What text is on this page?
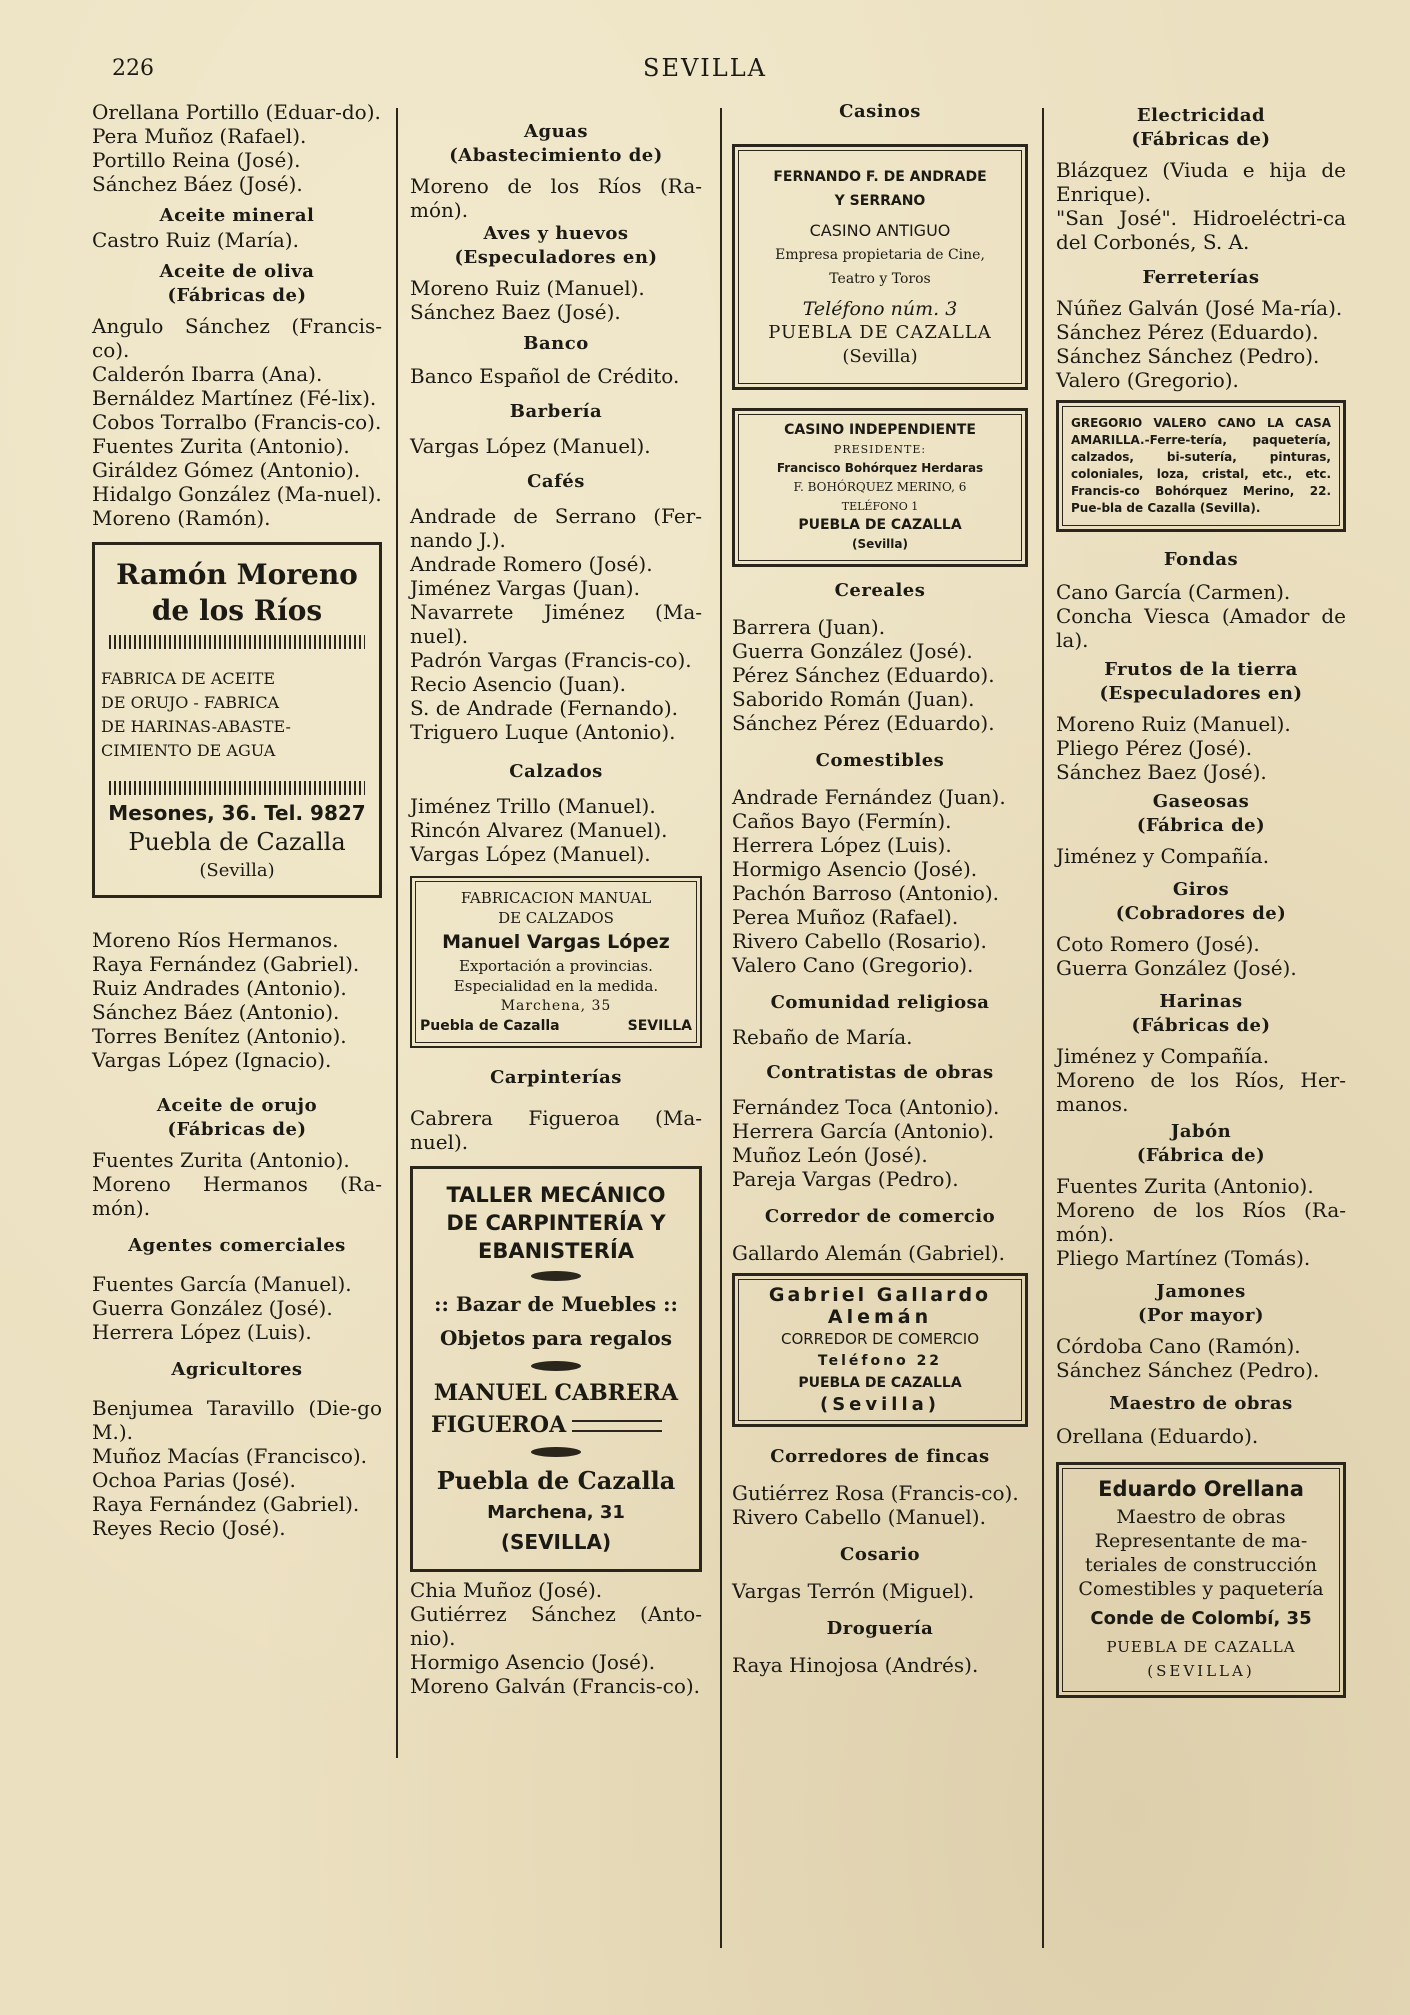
226	SEVILLA
Orellana Portillo (Eduar-do).
Pera Muñoz (Rafael).
Portillo Reina (José).
Sánchez Báez (José).
Aceite mineral
Castro Ruiz (María).
Aceite de oliva
(Fábricas de)
Angulo Sánchez (Francis-co).
Calderón Ibarra (Ana).
Bernáldez Martínez (Fé-lix).
Cobos Torralbo (Francis-co).
Fuentes Zurita (Antonio).
Giráldez Gómez (Antonio).
Hidalgo González (Ma-nuel).
Moreno (Ramón).
Ramón Moreno
de los Ríos
FABRICA DE ACEITE
DE ORUJO - FABRICA
DE HARINAS-ABASTE-
CIMIENTO DE AGUA
Mesones, 36. Tel. 9827
Puebla de Cazalla
(Sevilla)
Moreno Ríos Hermanos.
Raya Fernández (Gabriel).
Ruiz Andrades (Antonio).
Sánchez Báez (Antonio).
Torres Benítez (Antonio).
Vargas López (Ignacio).
Aceite de orujo
(Fábricas de)
Fuentes Zurita (Antonio).
Moreno Hermanos (Ra-món).
Agentes comerciales
Fuentes García (Manuel).
Guerra González (José).
Herrera López (Luis).
Agricultores
Benjumea Taravillo (Die-go M.).
Muñoz Macías (Francisco).
Ochoa Parias (José).
Raya Fernández (Gabriel).
Reyes Recio (José).
Aguas
(Abastecimiento de)
Moreno de los Ríos (Ra-món).
Aves y huevos
(Especuladores en)
Moreno Ruiz (Manuel).
Sánchez Baez (José).
Banco
Banco Español de Crédito.
Barbería
Vargas López (Manuel).
Cafés
Andrade de Serrano (Fer-nando J.).
Andrade Romero (José).
Jiménez Vargas (Juan).
Navarrete Jiménez (Ma-nuel).
Padrón Vargas (Francis-co).
Recio Asencio (Juan).
S. de Andrade (Fernando).
Triguero Luque (Antonio).
Calzados
Jiménez Trillo (Manuel).
Rincón Alvarez (Manuel).
Vargas López (Manuel).
FABRICACION MANUAL
DE CALZADOS
Manuel Vargas López
Exportación a provincias.
Especialidad en la medida.
Marchena, 35
Puebla de Cazalla	SEVILLA
Carpinterías
Cabrera Figueroa (Ma-nuel).
TALLER MECÁNICO
DE CARPINTERÍA Y
EBANISTERÍA
:: Bazar de Muebles ::
Objetos para regalos
MANUEL CABRERA
FIGUEROA
Puebla de Cazalla
Marchena, 31
(SEVILLA)
Chia Muñoz (José).
Gutiérrez Sánchez (Anto-nio).
Hormigo Asencio (José).
Moreno Galván (Francis-co).
Casinos
FERNANDO F. DE ANDRADE
Y SERRANO
CASINO ANTIGUO
Empresa propietaria de Cine,
Teatro y Toros
Teléfono núm. 3
PUEBLA DE CAZALLA
(Sevilla)
CASINO INDEPENDIENTE
PRESIDENTE:
Francisco Bohórquez Herdaras
F. BOHÓRQUEZ MERINO, 6
TELÉFONO 1
PUEBLA DE CAZALLA
(Sevilla)
Cereales
Barrera (Juan).
Guerra González (José).
Pérez Sánchez (Eduardo).
Saborido Román (Juan).
Sánchez Pérez (Eduardo).
Comestibles
Andrade Fernández (Juan).
Caños Bayo (Fermín).
Herrera López (Luis).
Hormigo Asencio (José).
Pachón Barroso (Antonio).
Perea Muñoz (Rafael).
Rivero Cabello (Rosario).
Valero Cano (Gregorio).
Comunidad religiosa
Rebaño de María.
Contratistas de obras
Fernández Toca (Antonio).
Herrera García (Antonio).
Muñoz León (José).
Pareja Vargas (Pedro).
Corredor de comercio
Gallardo Alemán (Gabriel).
Gabriel Gallardo
Alemán
CORREDOR DE COMERCIO
Teléfono 22
PUEBLA DE CAZALLA
(Sevilla)
Corredores de fincas
Gutiérrez Rosa (Francis-co).
Rivero Cabello (Manuel).
Cosario
Vargas Terrón (Miguel).
Droguería
Raya Hinojosa (Andrés).
Electricidad
(Fábricas de)
Blázquez (Viuda e hija de Enrique).
"San José". Hidroeléctri-ca del Corbonés, S. A.
Ferreterías
Núñez Galván (José Ma-ría).
Sánchez Pérez (Eduardo).
Sánchez Sánchez (Pedro).
Valero (Gregorio).
GREGORIO VALERO CANO LA CASA AMARILLA.-Ferre-tería, paquetería, calzados, bi-sutería, pinturas, coloniales, loza, cristal, etc., etc. Francis-co Bohórquez Merino, 22. Pue-bla de Cazalla (Sevilla).
Fondas
Cano García (Carmen).
Concha Viesca (Amador de la).
Frutos de la tierra
(Especuladores en)
Moreno Ruiz (Manuel).
Pliego Pérez (José).
Sánchez Baez (José).
Gaseosas
(Fábrica de)
Jiménez y Compañía.
Giros
(Cobradores de)
Coto Romero (José).
Guerra González (José).
Harinas
(Fábricas de)
Jiménez y Compañía.
Moreno de los Ríos, Her-manos.
Jabón
(Fábrica de)
Fuentes Zurita (Antonio).
Moreno de los Ríos (Ra-món).
Pliego Martínez (Tomás).
Jamones
(Por mayor)
Córdoba Cano (Ramón).
Sánchez Sánchez (Pedro).
Maestro de obras
Orellana (Eduardo).
Eduardo Orellana
Maestro de obras
Representante de ma-teriales de construcción
Comestibles y paquetería
Conde de Colombí, 35
PUEBLA DE CAZALLA
(SEVILLA)
